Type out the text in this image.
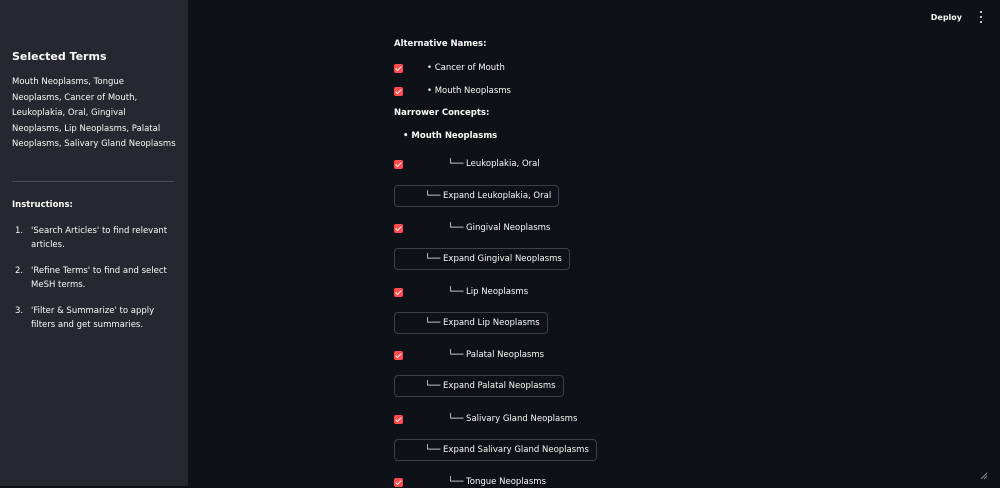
Selected Terms
Mouth Neoplasms, Tongue Neoplasms, Cancer of Mouth, Leukoplakia, Oral, Gingival Neoplasms, Lip Neoplasms, Palatal Neoplasms, Salivary Gland Neoplasms
Instructions:
1. 'Search Articles' to find relevant articles.
2. 'Refine Terms' to find and select MeSH terms.
3. 'Filter & Summarize' to apply filters and get summaries.
Deploy
Alternative Names:
• Cancer of Mouth
• Mouth Neoplasms
Narrower Concepts:
• Mouth Neoplasms
└── Leukoplakia, Oral
└── Expand Leukoplakia, Oral
└── Gingival Neoplasms
└── Expand Gingival Neoplasms
└── Lip Neoplasms
└── Expand Lip Neoplasms
└── Palatal Neoplasms
└── Expand Palatal Neoplasms
└── Salivary Gland Neoplasms
└── Expand Salivary Gland Neoplasms
└── Tongue Neoplasms
